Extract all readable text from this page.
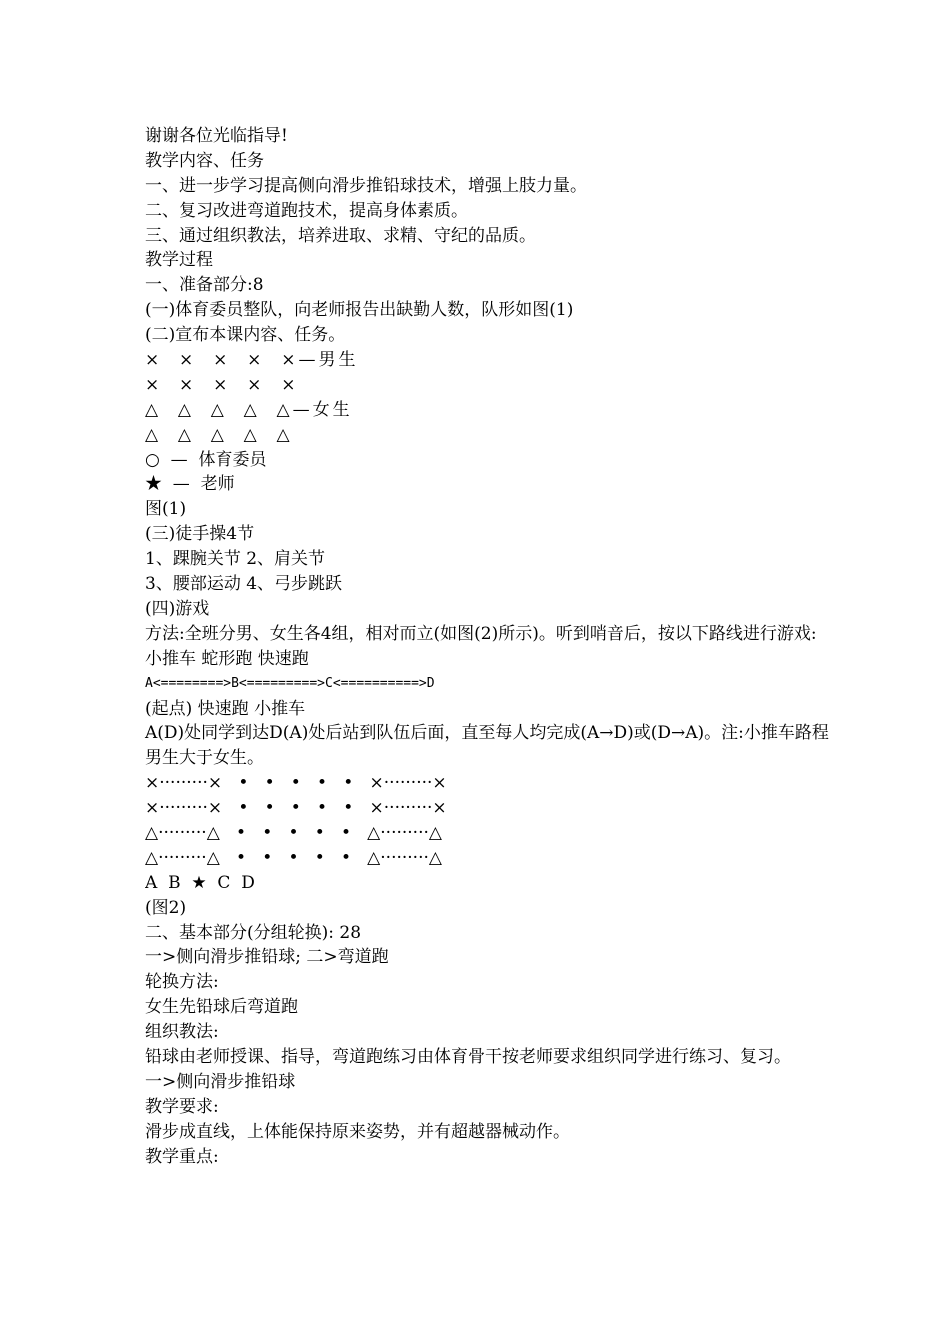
谢谢各位光临指导!
教学内容、任务
一、进一步学习提高侧向滑步推铅球技术，增强上肢力量。
二、复习改进弯道跑技术，提高身体素质。
三、通过组织教法，培养进取、求精、守纪的品质。
教学过程
一、准备部分:8
(一)体育委员整队，向老师报告出缺勤人数，队形如图(1)
(二)宣布本课内容、任务。
×  ×  ×  ×  ×—男生
×  ×  ×  ×  ×
△  △  △  △  △—女生
△  △  △  △  △
○  —  体育委员
★  —  老师
图(1)
(三)徒手操4节
1、踝腕关节 2、肩关节
3、腰部运动 4、弓步跳跃
(四)游戏
方法:全班分男、女生各4组，相对而立(如图(2)所示)。听到哨音后，按以下路线进行游戏:
小推车 蛇形跑 快速跑
A<========>B<=========>C<==========>D
(起点) 快速跑 小推车
A(D)处同学到达D(A)处后站到队伍后面，直至每人均完成(A→D)或(D→A)。注:小推车路程男生大于女生。
×·········×   •   •   •   •   •   ×·········×
×·········×   •   •   •   •   •   ×·········×
△·········△   •   •   •   •   •   △·········△
△·········△   •   •   •   •   •   △·········△
A  B  ★  C  D
(图2)
二、基本部分(分组轮换): 28
一>侧向滑步推铅球; 二>弯道跑
轮换方法:
女生先铅球后弯道跑
组织教法:
铅球由老师授课、指导，弯道跑练习由体育骨干按老师要求组织同学进行练习、复习。
一>侧向滑步推铅球
教学要求:
滑步成直线，上体能保持原来姿势，并有超越器械动作。
教学重点:
